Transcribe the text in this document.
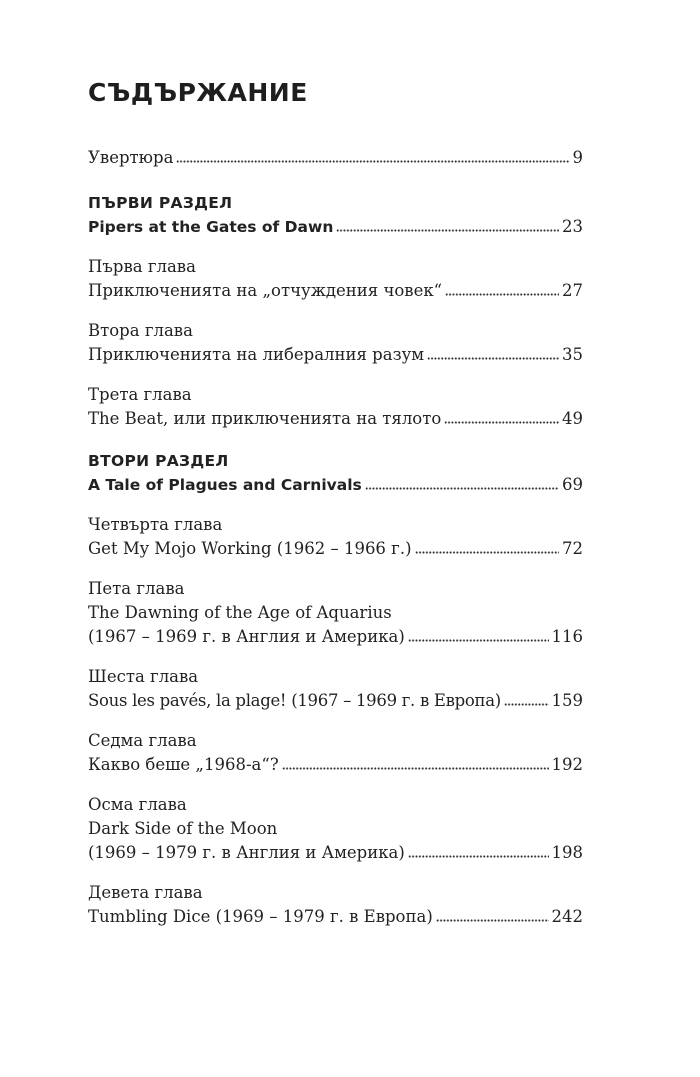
СЪДЪРЖАНИЕ
Увертюра	9
ПЪРВИ РАЗДЕЛ
Pipers at the Gates of Dawn	23
Първа глава
Приключенията на „отчуждения човек“	27
Втора глава
Приключенията на либералния разум	35
Трета глава
The Beat, или приключенията на тялото	49
ВТОРИ РАЗДЕЛ
A Tale of Plagues and Carnivals	69
Четвърта глава
Get My Mojo Working (1962 – 1966 г.)	72
Пета глава
The Dawning of the Age of Aquarius
(1967 – 1969 г. в Англия и Америка)	116
Шеста глава
Sous les pavés, la plage! (1967 – 1969 г. в Европа)	159
Седма глава
Какво беше „1968-а“?	192
Осма глава
Dark Side of the Moon
(1969 – 1979 г. в Англия и Америка)	198
Девета глава
Tumbling Dice (1969 – 1979 г. в Европа)	242
